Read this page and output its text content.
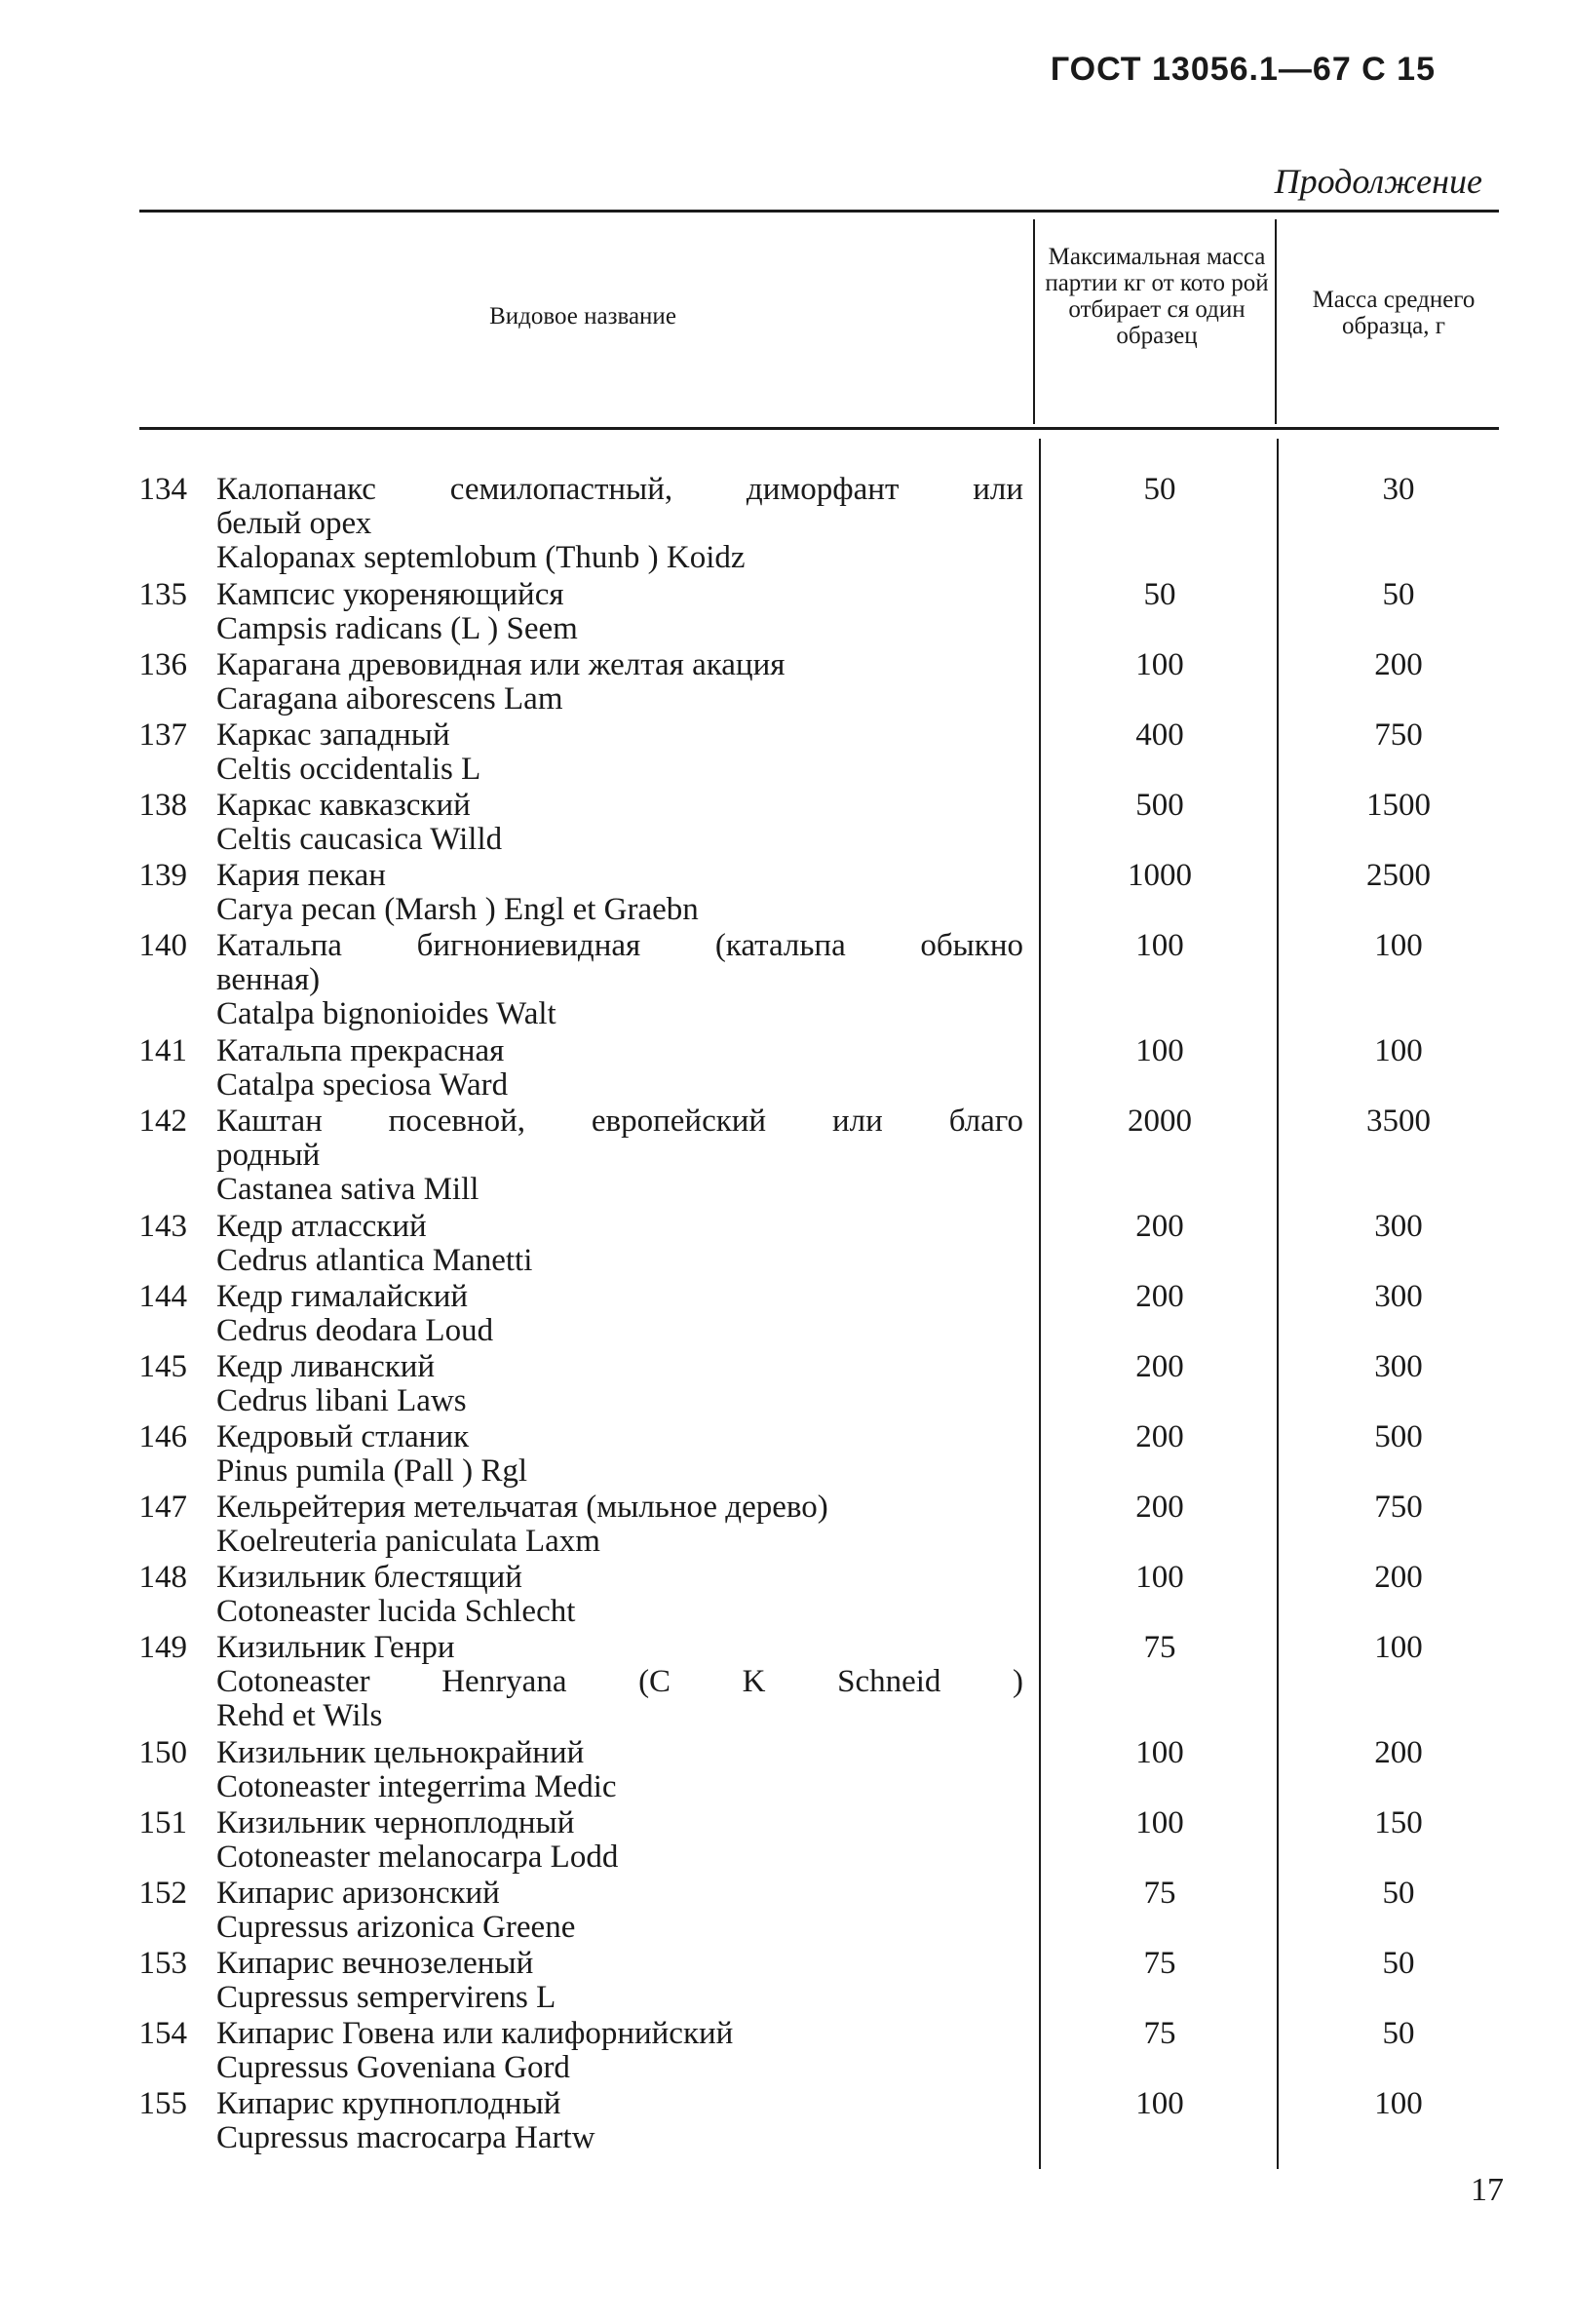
ГОСТ 13056.1—67 С 15
Продолжение
Видовое название
Максимальная масса партии кг от кото рой отбирает ся один образец
Масса среднего образца, г
134 Калопанакс семилопастный, диморфант или
белый орех
Kalopanax septemlobum (Thunb ) Koidz
50	30
135 Кампсис укореняющийся
Campsis radicans (L ) Seem
50	50
136 Карагана древовидная или желтая акация
Caragana aiborescens Lam
100	200
137 Каркас западный
Celtis occidentalis L
400	750
138 Каркас кавказский
Celtis caucasica Willd
500	1500
139 Кария пекан
Carya pecan (Marsh ) Engl et Graebn
1000	2500
140 Катальпа бигнониевидная (катальпа обыкно
венная)
Catalpa bignonioides Walt
100	100
141 Катальпа прекрасная
Catalpa speciosa Ward
100	100
142 Каштан посевной, европейский или благо
родный
Castanea sativa Mill
2000	3500
143 Кедр атласский
Cedrus atlantica Manetti
200	300
144 Кедр гималайский
Cedrus deodara Loud
200	300
145 Кедр ливанский
Cedrus libani Laws
200	300
146 Кедровый стланик
Pinus pumila (Pall ) Rgl
200	500
147 Кельрейтерия метельчатая (мыльное дерево)
Koelreuteria paniculata Laxm
200	750
148 Кизильник блестящий
Cotoneaster lucida Schlecht
100	200
149 Кизильник Генри
Cotoneaster Henryana (C K Schneid )
Rehd et Wils
75	100
150 Кизильник цельнокрайний
Cotoneaster integerrima Medic
100	200
151 Кизильник черноплодный
Cotoneaster melanocarpa Lodd
100	150
152 Кипарис аризонский
Cupressus arizonica Greene
75	50
153 Кипарис вечнозеленый
Cupressus sempervirens L
75	50
154 Кипарис Говена или калифорнийский
Cupressus Goveniana Gord
75	50
155 Кипарис крупноплодный
Cupressus macrocarpa Hartw
100	100
17
